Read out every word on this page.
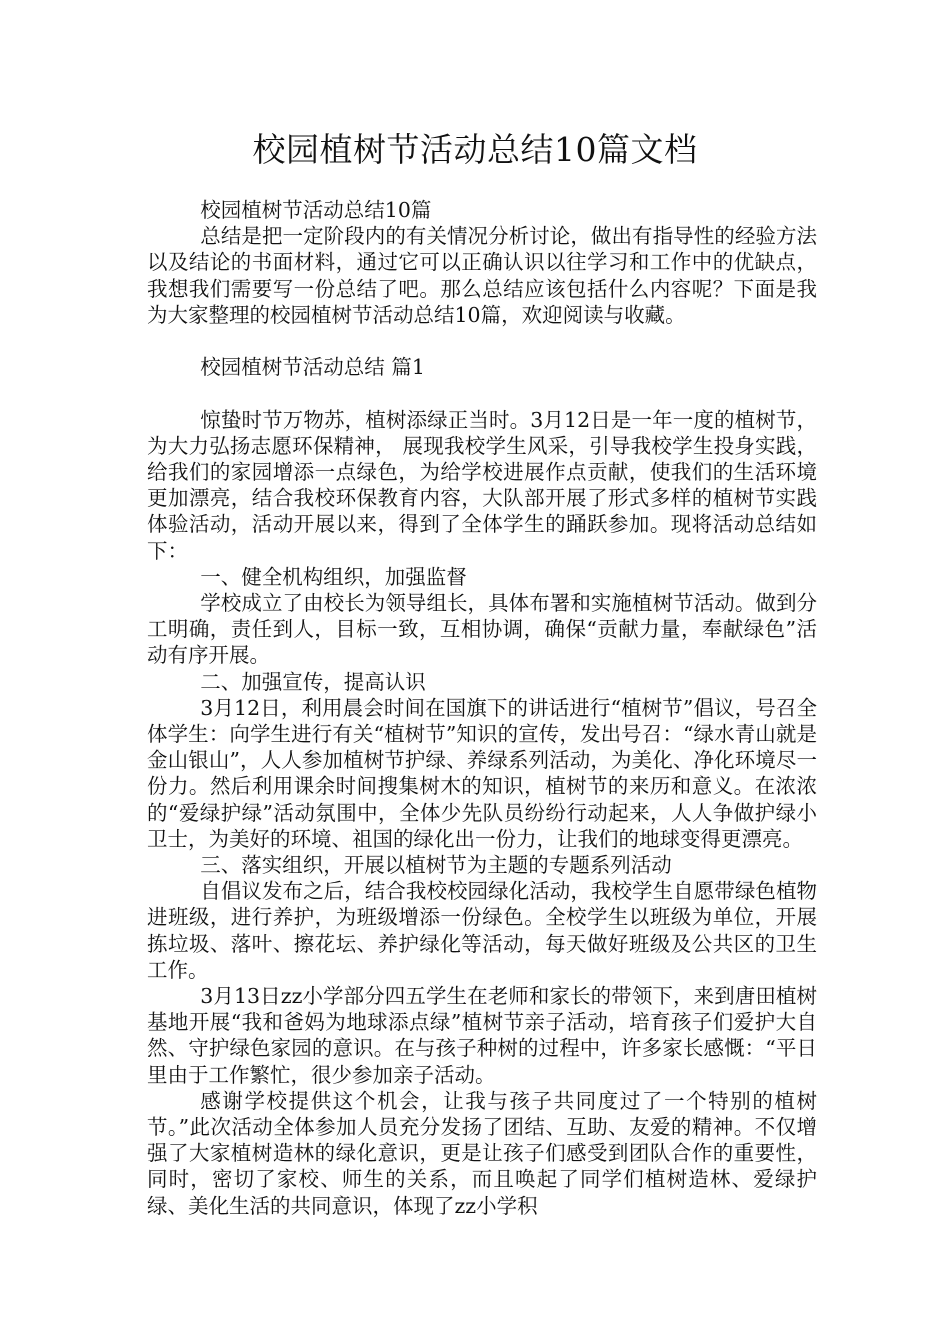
校园植树节活动总结10篇文档

校园植树节活动总结10篇

总结是把一定阶段内的有关情况分析讨论，做出有指导性的经验方法以及结论的书面材料，通过它可以正确认识以往学习和工作中的优缺点，我想我们需要写一份总结了吧。那么总结应该包括什么内容呢？下面是我为大家整理的校园植树节活动总结10篇，欢迎阅读与收藏。

校园植树节活动总结 篇1

惊蛰时节万物苏，植树添绿正当时。3月12日是一年一度的植树节，为大力弘扬志愿环保精神， 展现我校学生风采，引导我校学生投身实践，给我们的家园增添一点绿色，为给学校进展作点贡献，使我们的生活环境更加漂亮，结合我校环保教育内容，大队部开展了形式多样的植树节实践体验活动，活动开展以来，得到了全体学生的踊跃参加。现将活动总结如下：

一、健全机构组织，加强监督

学校成立了由校长为领导组长，具体布署和实施植树节活动。做到分工明确，责任到人，目标一致，互相协调，确保“贡献力量，奉献绿色”活动有序开展。

二、加强宣传，提高认识

3月12日，利用晨会时间在国旗下的讲话进行“植树节”倡议，号召全体学生：向学生进行有关“植树节”知识的宣传，发出号召：“绿水青山就是金山银山”，人人参加植树节护绿、养绿系列活动，为美化、净化环境尽一份力。然后利用课余时间搜集树木的知识，植树节的来历和意义。在浓浓的“爱绿护绿”活动氛围中，全体少先队员纷纷行动起来，人人争做护绿小卫士，为美好的环境、祖国的绿化出一份力，让我们的地球变得更漂亮。

三、落实组织，开展以植树节为主题的专题系列活动

自倡议发布之后，结合我校校园绿化活动，我校学生自愿带绿色植物进班级，进行养护，为班级增添一份绿色。全校学生以班级为单位，开展拣垃圾、落叶、擦花坛、养护绿化等活动，每天做好班级及公共区的卫生工作。

3月13日zz小学部分四五学生在老师和家长的带领下，来到唐田植树基地开展“我和爸妈为地球添点绿”植树节亲子活动，培育孩子们爱护大自然、守护绿色家园的意识。在与孩子种树的过程中，许多家长感慨：“平日里由于工作繁忙，很少参加亲子活动。

感谢学校提供这个机会，让我与孩子共同度过了一个特别的植树节。”此次活动全体参加人员充分发扬了团结、互助、友爱的精神。不仅增强了大家植树造林的绿化意识，更是让孩子们感受到团队合作的重要性，同时，密切了家校、师生的关系，而且唤起了同学们植树造林、爱绿护绿、美化生活的共同意识，体现了zz小学积
